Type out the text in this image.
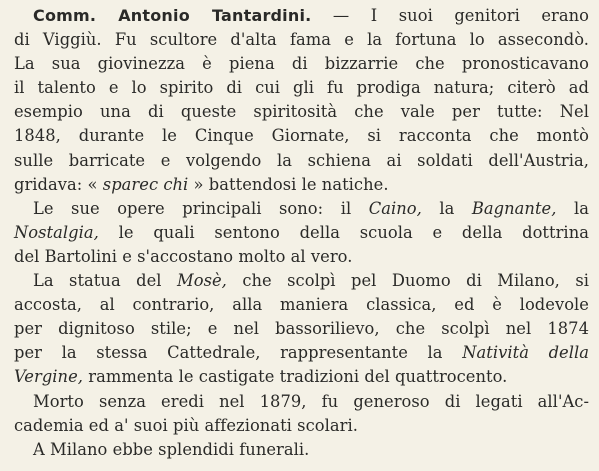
Comm. Antonio Tantardini. — I suoi genitori erano
di Viggiù. Fu scultore d'alta fama e la fortuna lo assecondò.
La sua giovinezza è piena di bizzarrie che pronosticavano
il talento e lo spirito di cui gli fu prodiga natura; citerò ad
esempio una di queste spiritosità che vale per tutte: Nel
1848, durante le Cinque Giornate, si racconta che montò
sulle barricate e volgendo la schiena ai soldati dell'Austria,
gridava: « sparec chi » battendosi le natiche.
Le sue opere principali sono: il Caino, la Bagnante, la
Nostalgia, le quali sentono della scuola e della dottrina
del Bartolini e s'accostano molto al vero.
La statua del Mosè, che scolpì pel Duomo di Milano, si
accosta, al contrario, alla maniera classica, ed è lodevole
per dignitoso stile; e nel bassorilievo, che scolpì nel 1874
per la stessa Cattedrale, rappresentante la Natività della
Vergine, rammenta le castigate tradizioni del quattrocento.
Morto senza eredi nel 1879, fu generoso di legati all'Ac-
cademia ed a' suoi più affezionati scolari.
A Milano ebbe splendidi funerali.
